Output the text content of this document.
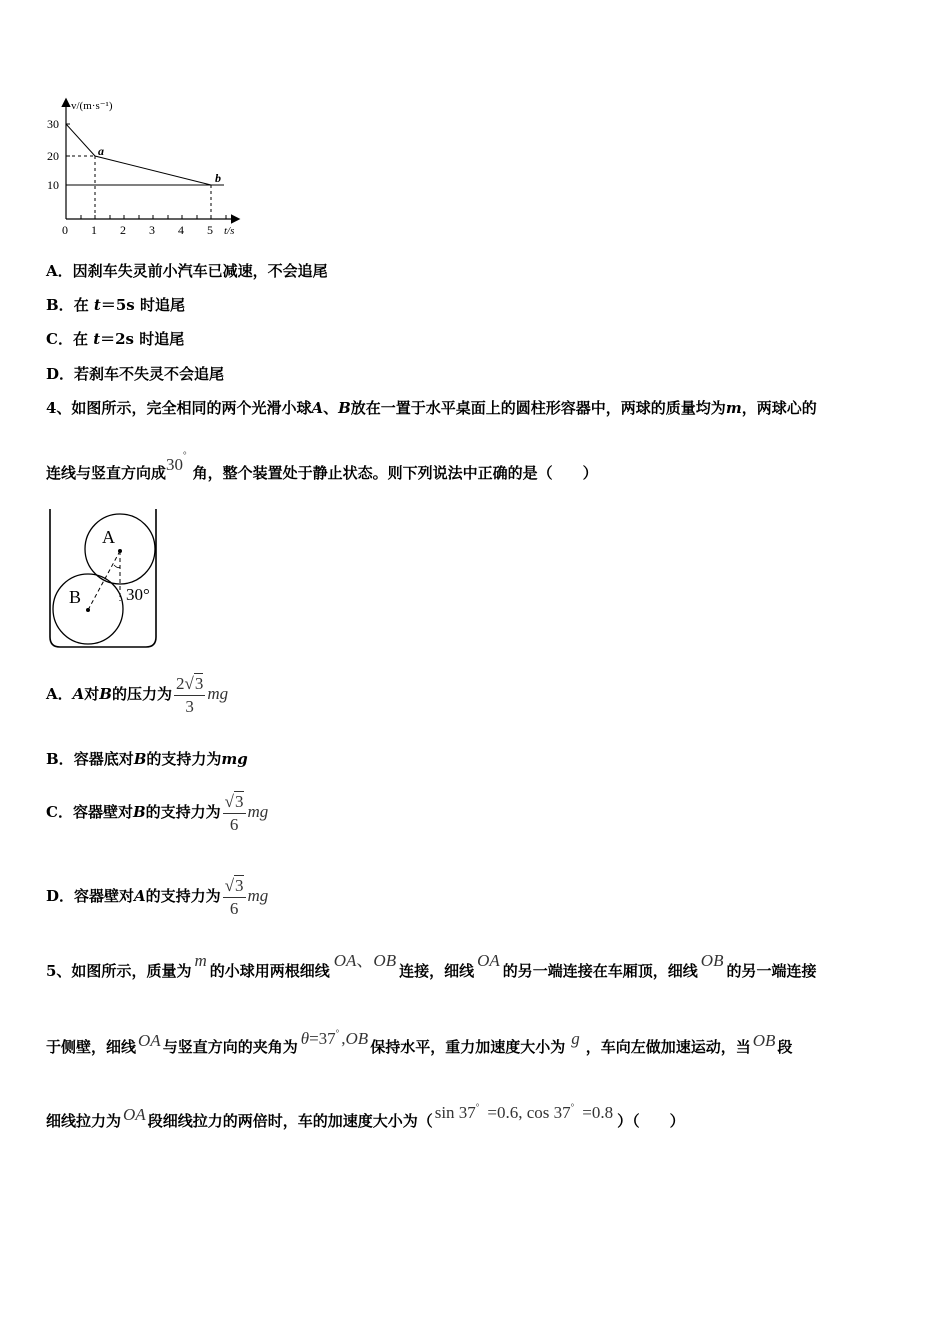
v/(m·s⁻¹)
30
20
10
0 1 2 3 4 5 t/s
a
b
A．因刹车失灵前小汽车已减速，不会追尾
B．在 t＝5s 时追尾
C．在 t＝2s 时追尾
D．若刹车不失灵不会追尾
4、如图所示，完全相同的两个光滑小球A、B放在一置于水平桌面上的圆柱形容器中，两球的质量均为m，两球心的
连线与竖直方向成30°角，整个装置处于静止状态。则下列说法中正确的是（　　）
A
B	30°
A．A对B的压力为 $\frac{2√3}{3}$ mg
B．容器底对B的支持力为mg
C．容器壁对B的支持力为 $\frac{√3}{6}$ mg
D．容器壁对A的支持力为 $\frac{√3}{6}$ mg
5、如图所示，质量为m的小球用两根细线OA、OB连接，细线OA的另一端连接在车厢顶，细线OB的另一端连接
于侧壁，细线 OA 与竖直方向的夹角为 θ=37° ,OB 保持水平，重力加速度大小为 g ，车向左做加速运动，当 OB 段
细线拉力为 OA 段细线拉力的两倍时，车的加速度大小为（ sin 37° =0.6, cos 37° =0.8 ）（　　）
